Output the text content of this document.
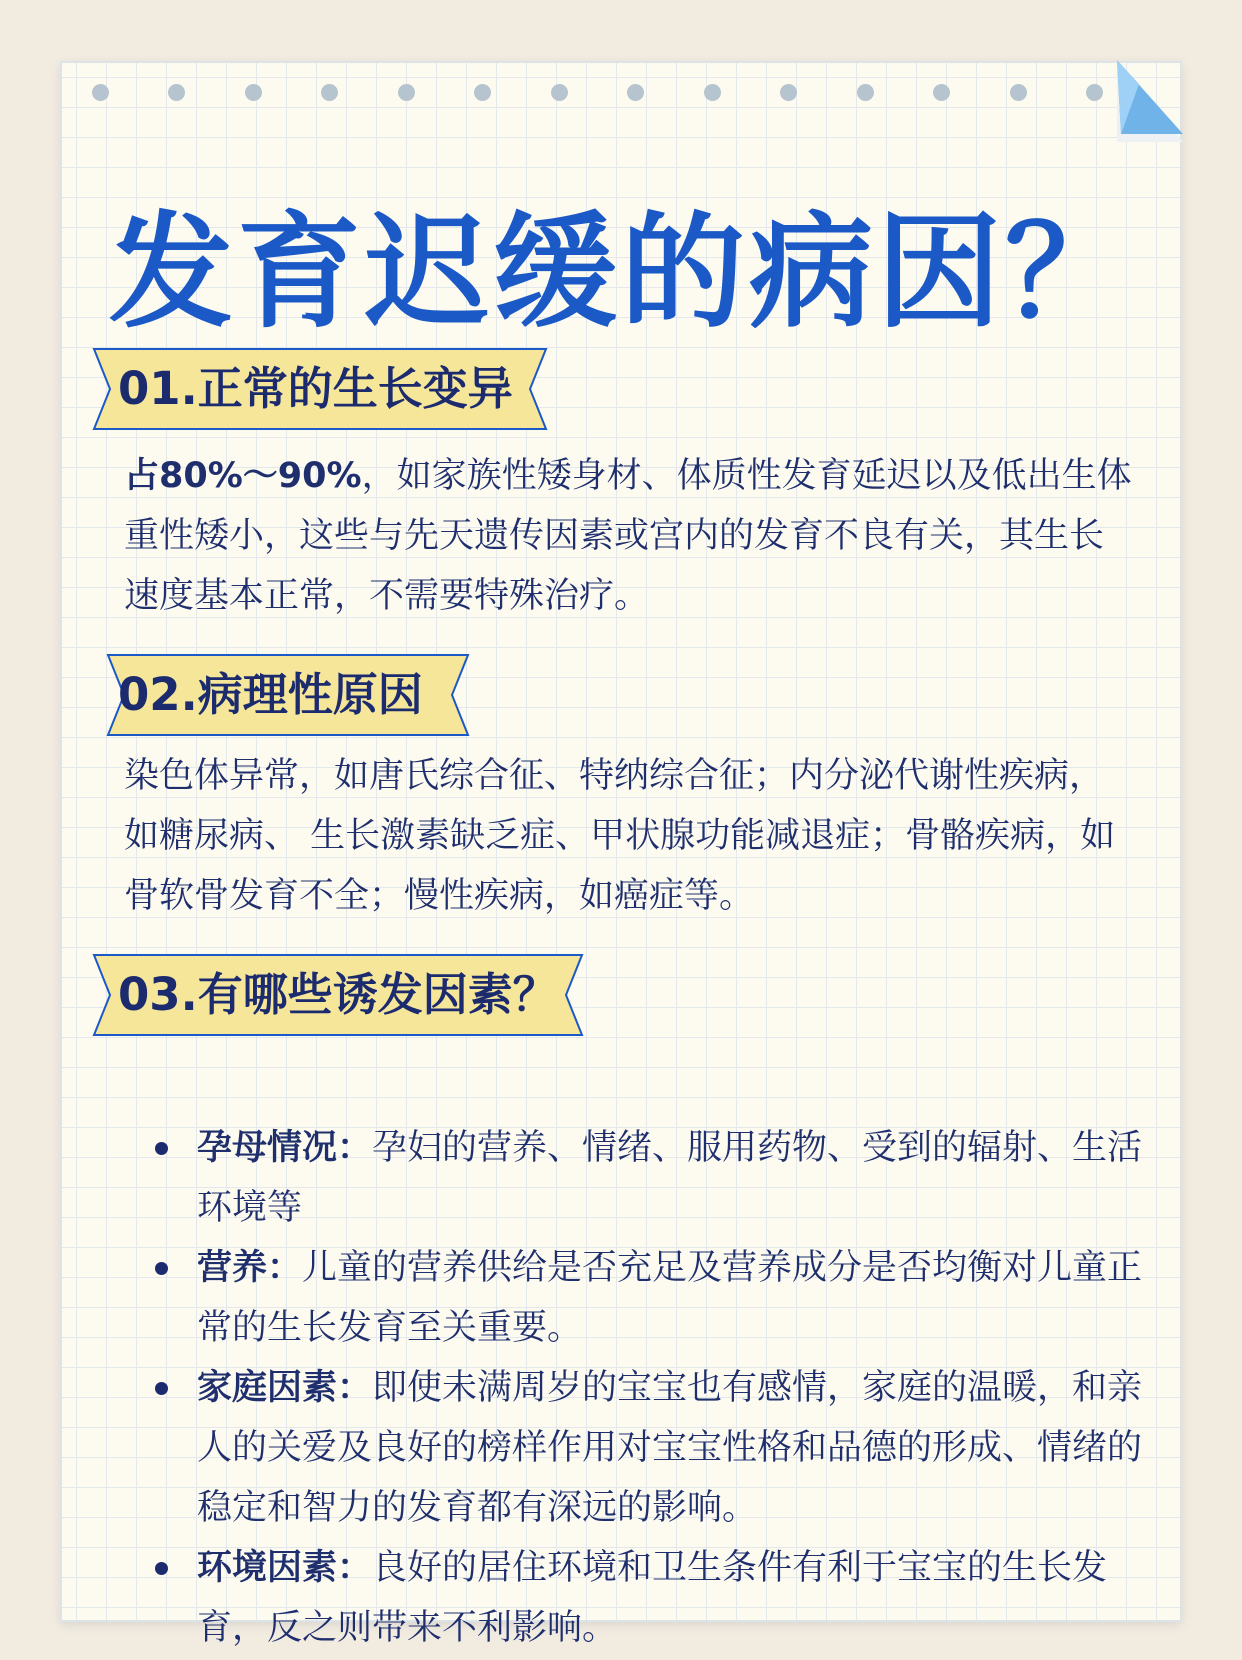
发育迟缓的病因？
01.正常的生长变异

占80%～90%，如家族性矮身材、体质性发育延迟以及低出生体重性矮小，这些与先天遗传因素或宫内的发育不良有关，其生长速度基本正常，不需要特殊治疗。

02.病理性原因

染色体异常，如唐氏综合征、特纳综合征；内分泌代谢性疾病，如糖尿病、 生长激素缺乏症、甲状腺功能减退症；骨骼疾病，如骨软骨发育不全；慢性疾病，如癌症等。

03.有哪些诱发因素？
孕母情况：孕妇的营养、情绪、服用药物、受到的辐射、生活环境等
营养：儿童的营养供给是否充足及营养成分是否均衡对儿童正常的生长发育至关重要。
家庭因素：即使未满周岁的宝宝也有感情，家庭的温暖，和亲人的关爱及良好的榜样作用对宝宝性格和品德的形成、情绪的稳定和智力的发育都有深远的影响。
环境因素：良好的居住环境和卫生条件有利于宝宝的生长发育，反之则带来不利影响。
